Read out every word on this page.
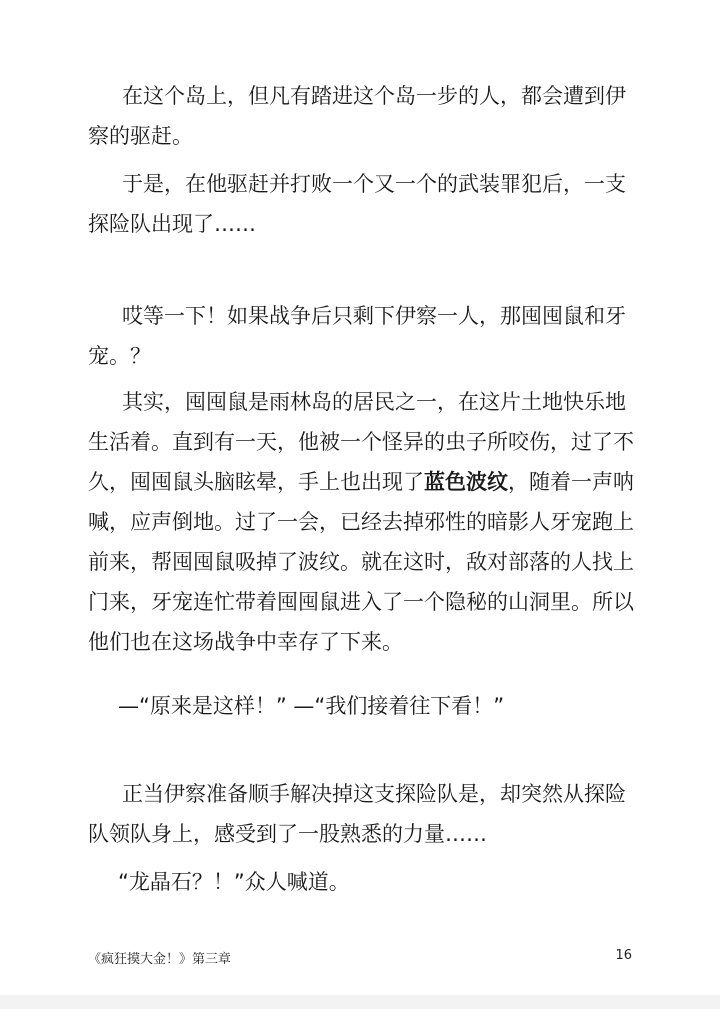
在这个岛上，但凡有踏进这个岛一步的人，都会遭到伊察的驱赶。

于是，在他驱赶并打败一个又一个的武装罪犯后，一支探险队出现了……

哎等一下！如果战争后只剩下伊察一人，那囤囤鼠和牙宠。？

其实，囤囤鼠是雨林岛的居民之一，在这片土地快乐地生活着。直到有一天，他被一个怪异的虫子所咬伤，过了不久，囤囤鼠头脑眩晕，手上也出现了蓝色波纹，随着一声呐喊，应声倒地。过了一会，已经去掉邪性的暗影人牙宠跑上前来，帮囤囤鼠吸掉了波纹。就在这时，敌对部落的人找上门来，牙宠连忙带着囤囤鼠进入了一个隐秘的山洞里。所以他们也在这场战争中幸存了下来。

—“原来是这样！” —“我们接着往下看！”

正当伊察准备顺手解决掉这支探险队是，却突然从探险队领队身上，感受到了一股熟悉的力量……

“龙晶石？！”众人喊道。

《疯狂摸大金！》第三章	16
